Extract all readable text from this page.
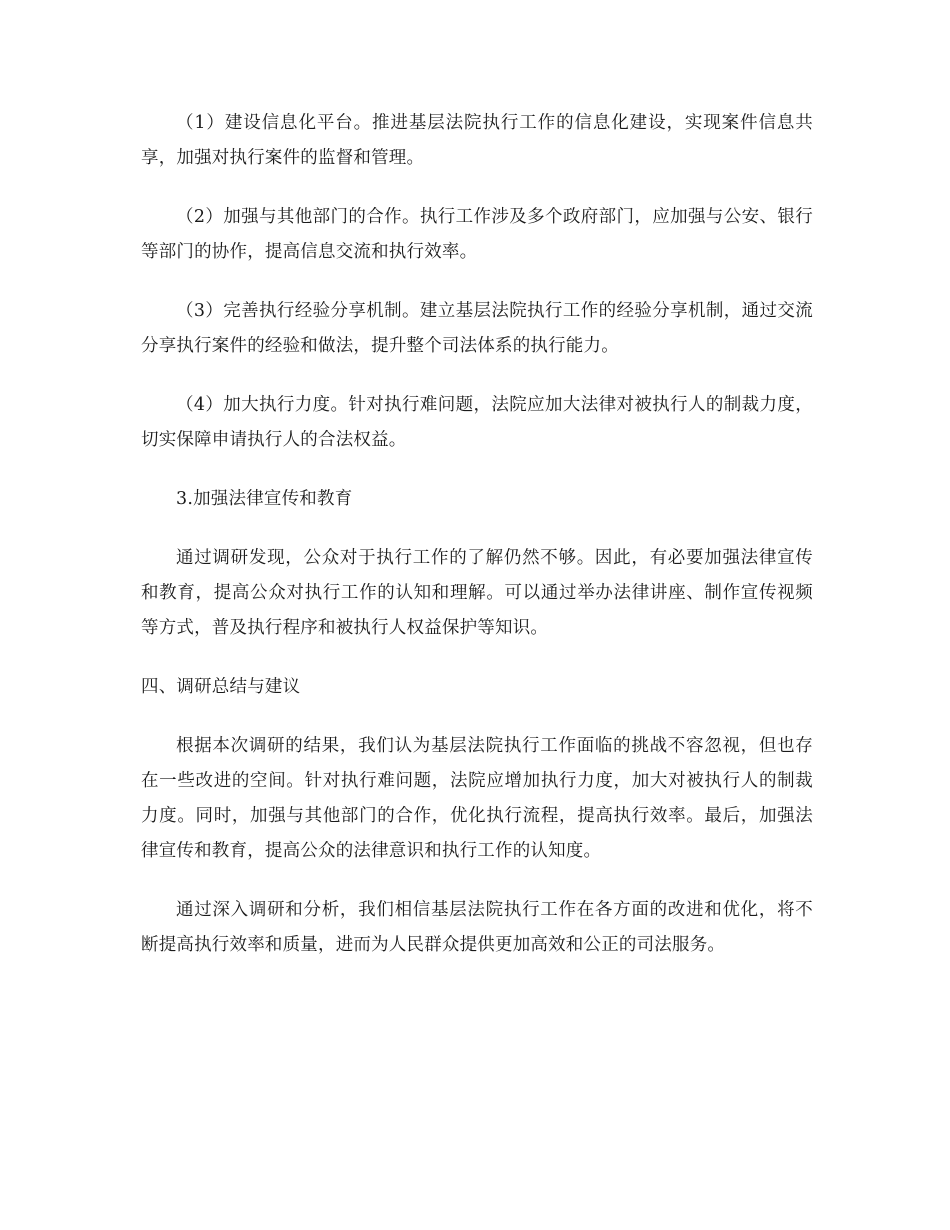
（1）建设信息化平台。推进基层法院执行工作的信息化建设，实现案件信息共享，加强对执行案件的监督和管理。

（2）加强与其他部门的合作。执行工作涉及多个政府部门，应加强与公安、银行等部门的协作，提高信息交流和执行效率。

（3）完善执行经验分享机制。建立基层法院执行工作的经验分享机制，通过交流分享执行案件的经验和做法，提升整个司法体系的执行能力。

（4）加大执行力度。针对执行难问题，法院应加大法律对被执行人的制裁力度，切实保障申请执行人的合法权益。

3.加强法律宣传和教育

通过调研发现，公众对于执行工作的了解仍然不够。因此，有必要加强法律宣传和教育，提高公众对执行工作的认知和理解。可以通过举办法律讲座、制作宣传视频等方式，普及执行程序和被执行人权益保护等知识。

四、调研总结与建议

根据本次调研的结果，我们认为基层法院执行工作面临的挑战不容忽视，但也存在一些改进的空间。针对执行难问题，法院应增加执行力度，加大对被执行人的制裁力度。同时，加强与其他部门的合作，优化执行流程，提高执行效率。最后，加强法律宣传和教育，提高公众的法律意识和执行工作的认知度。

通过深入调研和分析，我们相信基层法院执行工作在各方面的改进和优化，将不断提高执行效率和质量，进而为人民群众提供更加高效和公正的司法服务。
